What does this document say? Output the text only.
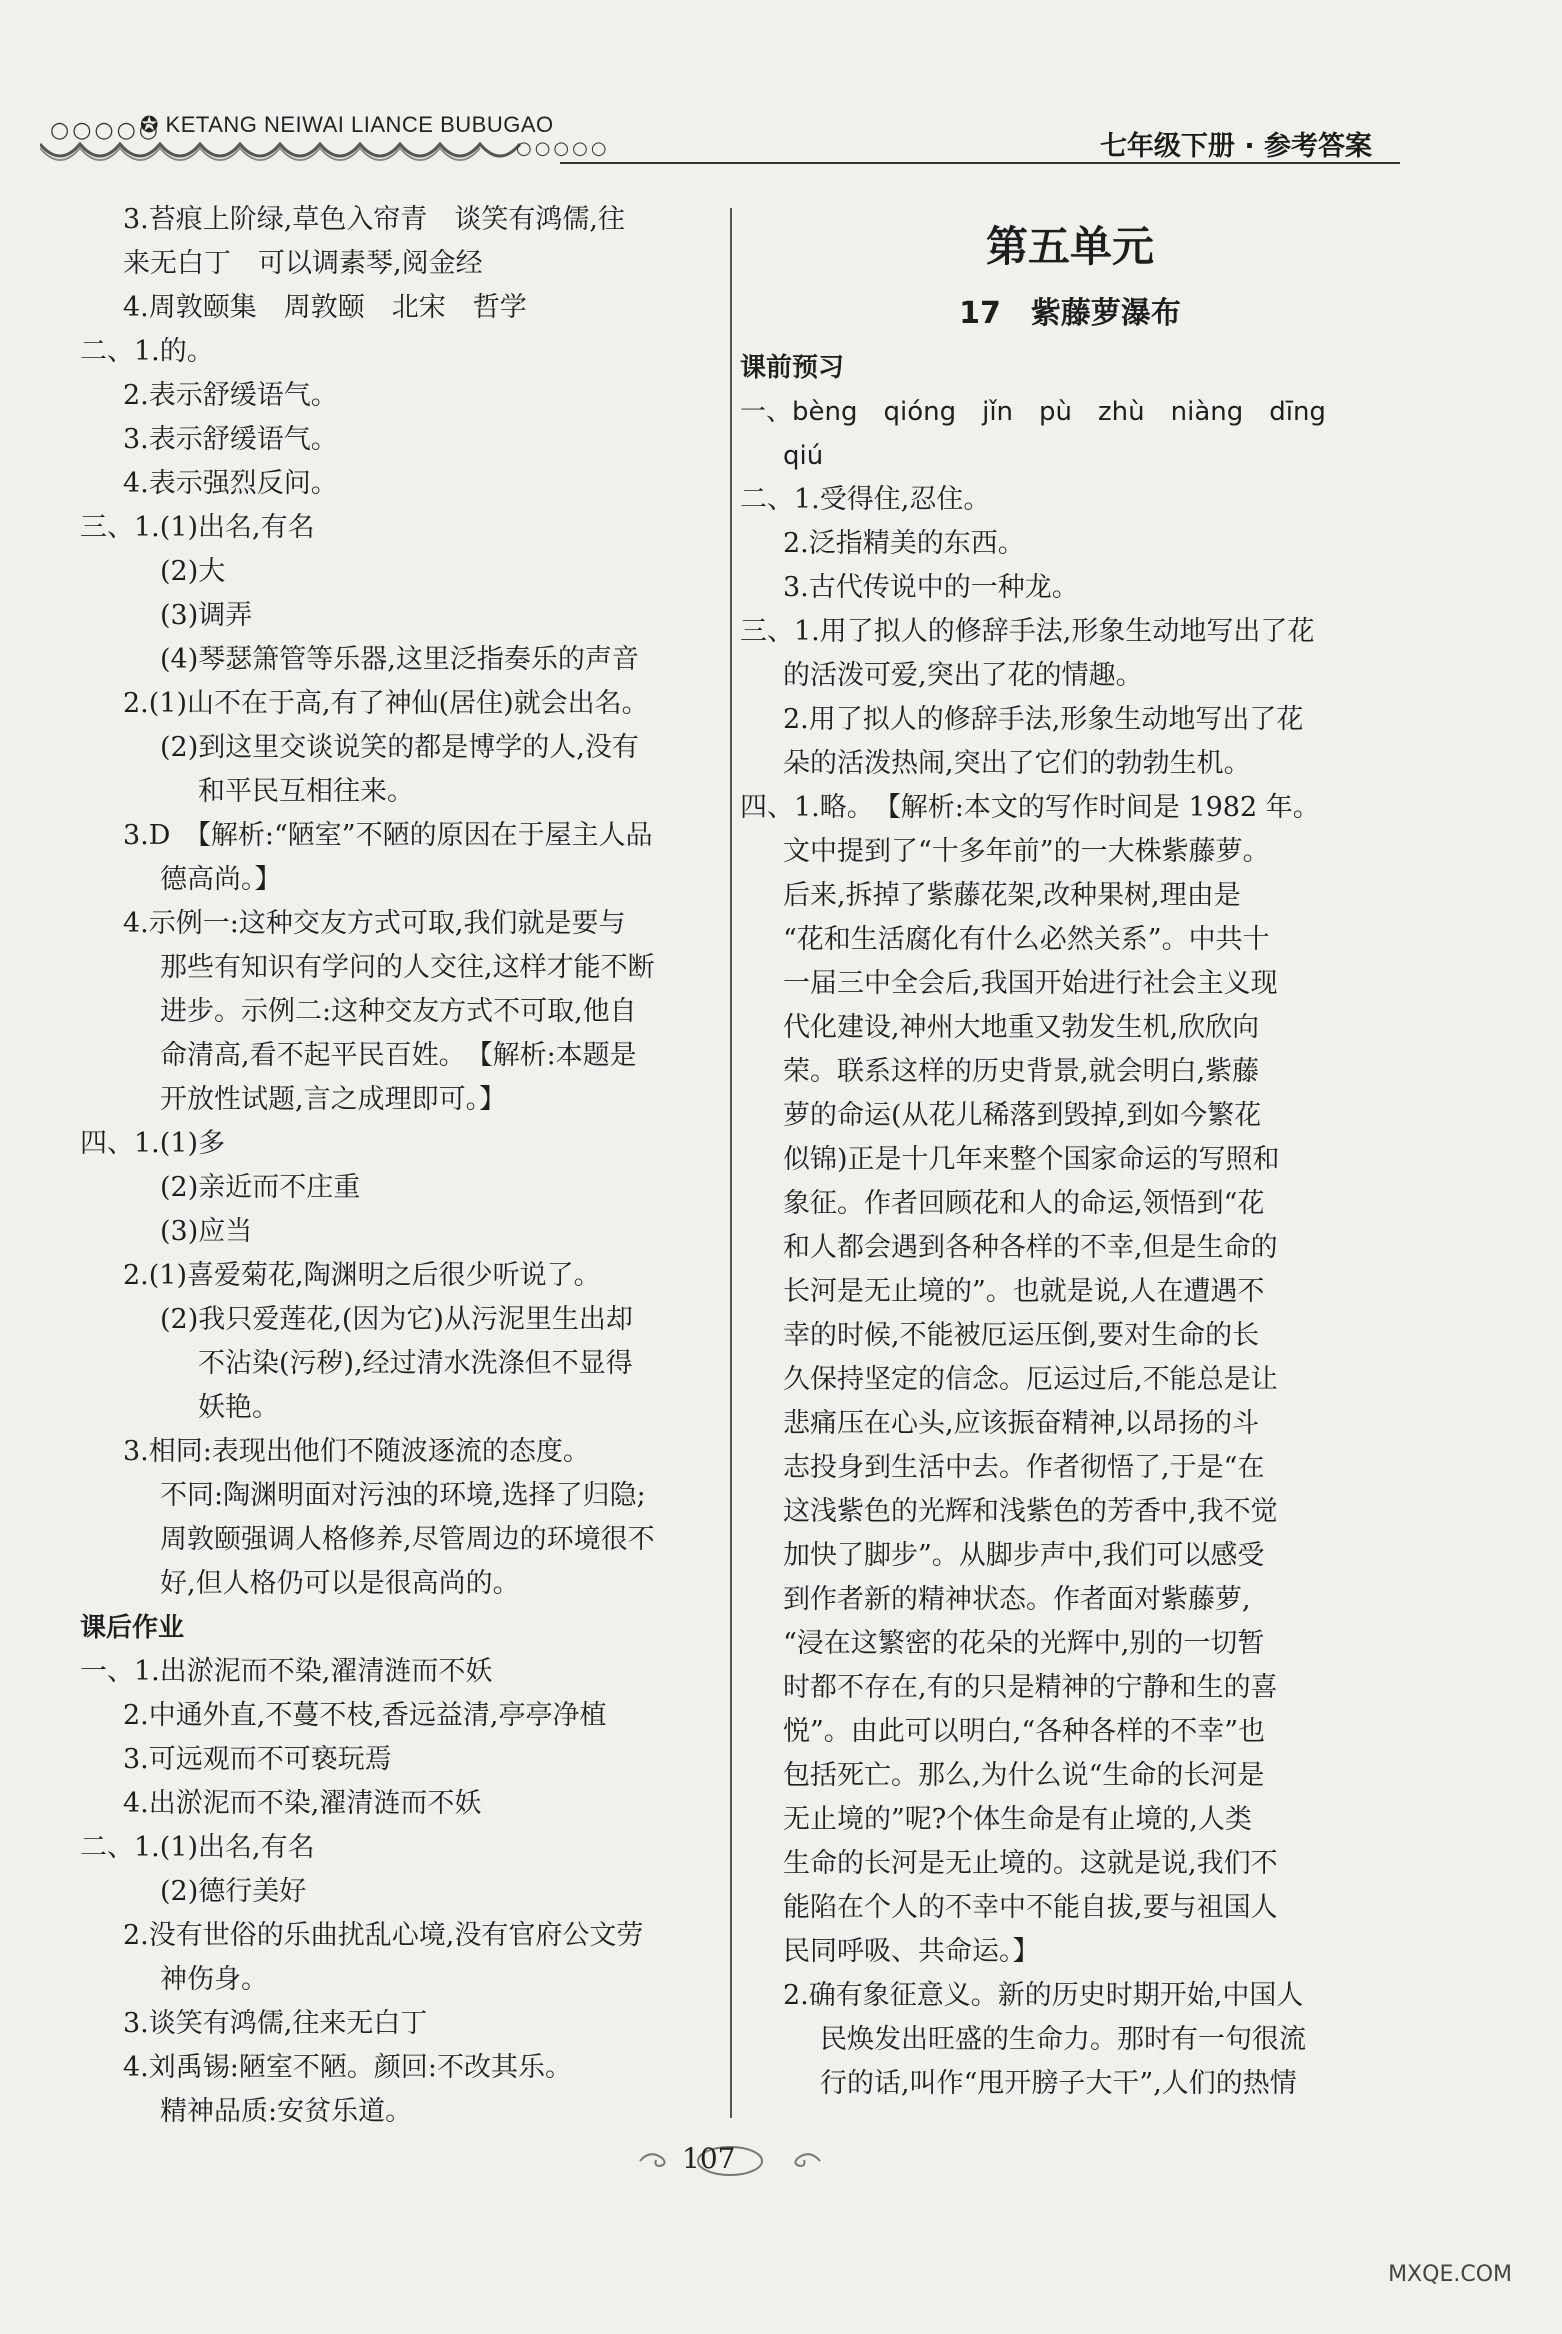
○○○○○
✪ KETANG NEIWAI LIANCE BUBUGAO
○○○○○	七年级下册 · 参考答案
3.苔痕上阶绿,草色入帘青　谈笑有鸿儒,往
来无白丁　可以调素琴,阅金经
4.周敦颐集　周敦颐　北宋　哲学
二、1.的。
2.表示舒缓语气。
3.表示舒缓语气。
4.表示强烈反问。
三、1.(1)出名,有名
(2)大
(3)调弄
(4)琴瑟箫管等乐器,这里泛指奏乐的声音
2.(1)山不在于高,有了神仙(居住)就会出名。
(2)到这里交谈说笑的都是博学的人,没有
和平民互相往来。
3.D　【解析:“陋室”不陋的原因在于屋主人品
德高尚。】
4.示例一:这种交友方式可取,我们就是要与
那些有知识有学问的人交往,这样才能不断
进步。示例二:这种交友方式不可取,他自
命清高,看不起平民百姓。　【解析:本题是
开放性试题,言之成理即可。】
四、1.(1)多
(2)亲近而不庄重
(3)应当
2.(1)喜爱菊花,陶渊明之后很少听说了。
(2)我只爱莲花,(因为它)从污泥里生出却
不沾染(污秽),经过清水洗涤但不显得
妖艳。
3.相同:表现出他们不随波逐流的态度。
不同:陶渊明面对污浊的环境,选择了归隐;
周敦颐强调人格修养,尽管周边的环境很不
好,但人格仍可以是很高尚的。
课后作业
一、1.出淤泥而不染,濯清涟而不妖
2.中通外直,不蔓不枝,香远益清,亭亭净植
3.可远观而不可亵玩焉
4.出淤泥而不染,濯清涟而不妖
二、1.(1)出名,有名
(2)德行美好
2.没有世俗的乐曲扰乱心境,没有官府公文劳
神伤身。
3.谈笑有鸿儒,往来无白丁
4.刘禹锡:陋室不陋。颜回:不改其乐。
精神品质:安贫乐道。
第五单元
17　紫藤萝瀑布
课前预习
一、bèng　qióng　jǐn　pù　zhù　niàng　dīng
qiú
二、1.受得住,忍住。
2.泛指精美的东西。
3.古代传说中的一种龙。
三、1.用了拟人的修辞手法,形象生动地写出了花
的活泼可爱,突出了花的情趣。
2.用了拟人的修辞手法,形象生动地写出了花
朵的活泼热闹,突出了它们的勃勃生机。
四、1.略。　【解析:本文的写作时间是 1982 年。
文中提到了“十多年前”的一大株紫藤萝。
后来,拆掉了紫藤花架,改种果树,理由是
“花和生活腐化有什么必然关系”。中共十
一届三中全会后,我国开始进行社会主义现
代化建设,神州大地重又勃发生机,欣欣向
荣。联系这样的历史背景,就会明白,紫藤
萝的命运(从花儿稀落到毁掉,到如今繁花
似锦)正是十几年来整个国家命运的写照和
象征。作者回顾花和人的命运,领悟到“花
和人都会遇到各种各样的不幸,但是生命的
长河是无止境的”。也就是说,人在遭遇不
幸的时候,不能被厄运压倒,要对生命的长
久保持坚定的信念。厄运过后,不能总是让
悲痛压在心头,应该振奋精神,以昂扬的斗
志投身到生活中去。作者彻悟了,于是“在
这浅紫色的光辉和浅紫色的芳香中,我不觉
加快了脚步”。从脚步声中,我们可以感受
到作者新的精神状态。作者面对紫藤萝,
“浸在这繁密的花朵的光辉中,别的一切暂
时都不存在,有的只是精神的宁静和生的喜
悦”。由此可以明白,“各种各样的不幸”也
包括死亡。那么,为什么说“生命的长河是
无止境的”呢?个体生命是有止境的,人类
生命的长河是无止境的。这就是说,我们不
能陷在个人的不幸中不能自拔,要与祖国人
民同呼吸、共命运。】
2.确有象征意义。新的历史时期开始,中国人
民焕发出旺盛的生命力。那时有一句很流
行的话,叫作“甩开膀子大干”,人们的热情
107
MXQE.COM
